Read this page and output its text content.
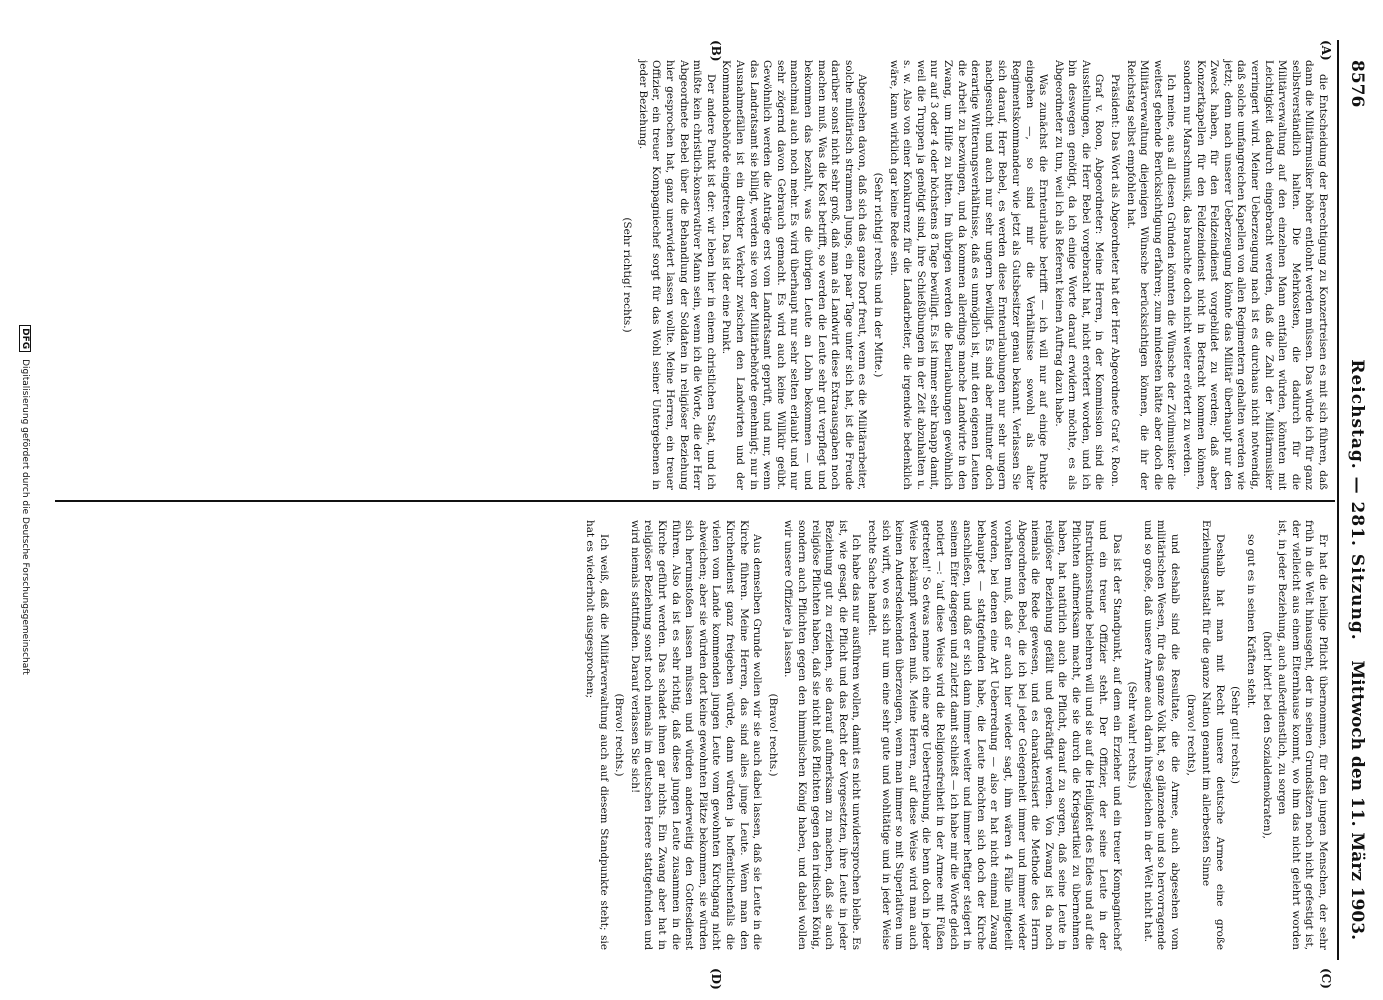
8576
Reichstag. — 281. Sitzung.
Mittwoch den 11. März 1903.
(A)
(B)
(C)
(D)

die Entscheidung der Berechtigung zu Konzertreisen es mit sich führen, daß dann die Militärmusiker höher entlohnt werden müssen. Das würde ich für ganz selbstverständlich halten. Die Mehrkosten, die dadurch für die Militärverwaltung auf den einzelnen Mann entfallen würden, könnten mit Leichtigkeit dadurch eingebracht werden, daß die Zahl der Militärmusiker verringert wird. Meiner Ueberzeugung nach ist es durchaus nicht notwendig, daß solche umfangreichen Kapellen von allen Regimentern gehalten werden wie jetzt; denn nach unserer Ueberzeugung könnte das Militär überhaupt nur den Zweck haben, für den Feldzeindienst vorgebildet zu werden; daß aber Konzertkapellen für den Feldzeindienst nicht in Betracht kommen können, sondern nur Marschmusik, das brauchte doch nicht weiter erörtert zu werden.

Ich meine, aus all diesen Gründen könnten die Wünsche der Zivilmusiker die weitest gehende Berücksichtigung erfahren; zum mindesten hätte aber doch die Militärverwaltung diejenigen Wünsche berücksichtigen können, die ihr der Reichstag selbst empfohlen hat.

Präsident: Das Wort als Abgeordneter hat der Herr Abgeordnete Graf v. Roon.

Graf v. Roon, Abgeordneter: Meine Herren, in der Kommission sind die Ausstellungen, die Herr Bebel vorgebracht hat, nicht erörtert worden, und ich bin deswegen genötigt, da ich einige Worte darauf erwidern möchte, es als Abgeordneter zu tun, weil ich als Referent keinen Auftrag dazu habe.

Was zunächst die Ernteurlaube betrifft — ich will nur auf einige Punkte eingehen —, so sind mir die Verhältnisse sowohl als alter Regimentskommandeur wie jetzt als Gutsbesitzer genau bekannt. Verlassen Sie sich darauf, Herr Bebel, es werden diese Ernteurlaubungen nur sehr ungern nachgesucht und auch nur sehr ungern bewilligt. Es sind aber mitunter doch derartige Witterungsverhältnisse, daß es unmöglich ist, mit den eigenen Leuten die Arbeit zu bezwingen, und da kommen allerdings manche Landwirte in den Zwang, um Hilfe zu bitten. Im übrigen werden die Beurlaubungen gewöhnlich nur auf 3 oder 4 oder höchstens 8 Tage bewilligt. Es ist immer sehr knapp damit, weil die Truppen ja genötigt sind, ihre Schießübungen in der Zeit abzuhalten u. s. w. Also von einer Konkurrenz für die Landarbeiter, die irgendwie bedenklich wäre, kann wirklich gar keine Rede sein.

(Sehr richtig! rechts und in der Mitte.)

Abgesehen davon, daß sich das ganze Dorf freut, wenn es die Militärarbeiter, solche militärisch strammen Jungs, ein paar Tage unter sich hat, ist die Freude darüber sonst nicht sehr groß, daß man als Landwirt diese Extraausgaben noch machen muß. Was die Kost betrifft, so werden die Leute sehr gut verpflegt und bekommen das bezahlt, was die übrigen Leute an Lohn bekommen — und manchmal auch noch mehr. Es wird überhaupt nur sehr selten erlaubt und nur sehr zögernd davon Gebrauch gemacht. Es wird auch keine Willkür geübt. Gewöhnlich werden die Anträge erst vom Landratsamt geprüft, und nur, wenn das Landratsamt sie billigt, werden sie von der Militärbehörde genehmigt; nur in Ausnahmefällen ist ein direkter Verkehr zwischen den Landwirten und der Kommandobehörde eingetreten. Das ist der eine Punkt.

Der andere Punkt ist der: wir leben hier in einem christlichen Staat, und ich müßte kein christlich-konservativer Mann sein, wenn ich die Worte, die der Herr Abgeordnete Bebel über die Behandlung der Soldaten in religiöser Beziehung hier gesprochen hat, ganz unerwidert lassen wollte. Meine Herren, ein treuer Offizier, ein treuer Kompagniechef sorgt für das Wohl seiner Untergebenen in jeder Beziehung.

(Sehr richtig! rechts.)

Er hat die heilige Pflicht übernommen, für den jungen Menschen, der sehr früh in die Welt hinausgeht, der in seinen Grundsätzen noch nicht gefestigt ist, der vielleicht aus einem Elternhause kommt, wo ihm das nicht gelehrt worden ist, in jeder Beziehung, auch außerdienstlich, zu sorgen

(hört! hört! bei den Sozialdemokraten),

so gut es in seinen Kräften steht.

(Sehr gut! rechts.)

Deshalb hat man mit Recht unsere deutsche Armee eine große Erziehungsanstalt für die ganze Nation genannt im allerbesten Sinne

(bravo! rechts),

und deshalb sind die Resultate, die die Armee, auch abgesehen vom militärischen Wesen, für das ganze Volk hat, so glänzende und so hervorragende und so große, daß unsere Armee auch darin ihresgleichen in der Welt nicht hat.

(Sehr wahr! rechts.)

Das ist der Standpunkt, auf dem ein Erzieher und ein treuer Kompagniechef und ein treuer Offizier steht. Der Offizier, der seine Leute in der Instruktionsstunde belehren will und sie auf die Heiligkeit des Eides und auf die Pflichten aufmerksam macht, die sie durch die Kriegsartikel zu übernehmen haben, hat natürlich auch die Pflicht, darauf zu sorgen, daß seine Leute in religiöser Beziehung gefällt und gekräftigt werden. Von Zwang ist da noch niemals die Rede gewesen, und es charakterisiert die Methode des Herrn Abgeordneten Bebel, die ich bei jeder Gelegenheit immer und immer wieder vorhalten muß, daß er auch hier wieder sagt, ihm wären 4 Fälle mitgeteilt worden, bei denen eine Art Ueberredung — also er hat nicht einmal Zwang behauptet — stattgefunden habe, die Leute möchten sich doch der Kirche anschließen, und daß er sich dann immer weiter und immer heftiger steigert in seinem Eifer dagegen und zuletzt damit schließt — ich habe mir die Worte gleich notiert —: 'auf diese Weise wird die Religionsfreiheit in der Armee mit Füßen getreten!' So etwas nenne ich eine arge Uebertreibung, die benn doch in jeder Weise bekämpft werden muß. Meine Herren, auf diese Weise wird man auch keinen Andersdenkenden überzeugen, wenn man immer so mit Superlativen um sich wirft, wo es sich nur um eine sehr gute und wohltätige und in jeder Weise rechte Sache handelt.

Ich habe das nur ausführen wollen, damit es nicht unwidersprochen bleibe. Es ist, wie gesagt, die Pflicht und das Recht der Vorgesetzten, ihre Leute in jeder Beziehung gut zu erziehen, sie darauf aufmerksam zu machen, daß sie auch religiöse Pflichten haben, daß sie nicht bloß Pflichten gegen den irdischen König, sondern auch Pflichten gegen den himmlischen König haben, und dabei wollen wir unsere Offiziere ja lassen.

(Bravo! rechts.)

Aus demselben Grunde wollen wir sie auch dabei lassen, daß sie Leute in die Kirche führen. Meine Herren, das sind alles junge Leute. Wenn man den Kirchendienst ganz freigeben würde, dann würden ja hoffentlichenfalls die vielen vom Lande kommenden jungen Leute vom gewohnten Kirchgang nicht abweichen; aber sie würden dort keine gewohnten Plätze bekommen, sie würden sich herumstoßen lassen müssen und würden anderweitig den Gottesdienst führen. Also da ist es sehr richtig, daß diese jungen Leute zusammen in die Kirche geführt werden. Das schadet ihnen gar nichts. Ein Zwang aber hat in religiöser Beziehung sonst noch niemals im deutschen Heere stattgefunden und wird niemals stattfinden. Darauf verlassen Sie sich!

(Bravo! rechts.)

Ich weiß, daß die Militärverwaltung auch auf diesem Standpunkte steht; sie hat es wiederholt ausgesprochen;

DFG Digitalisierung gefördert durch die Deutsche Forschungsgemeinschaft
